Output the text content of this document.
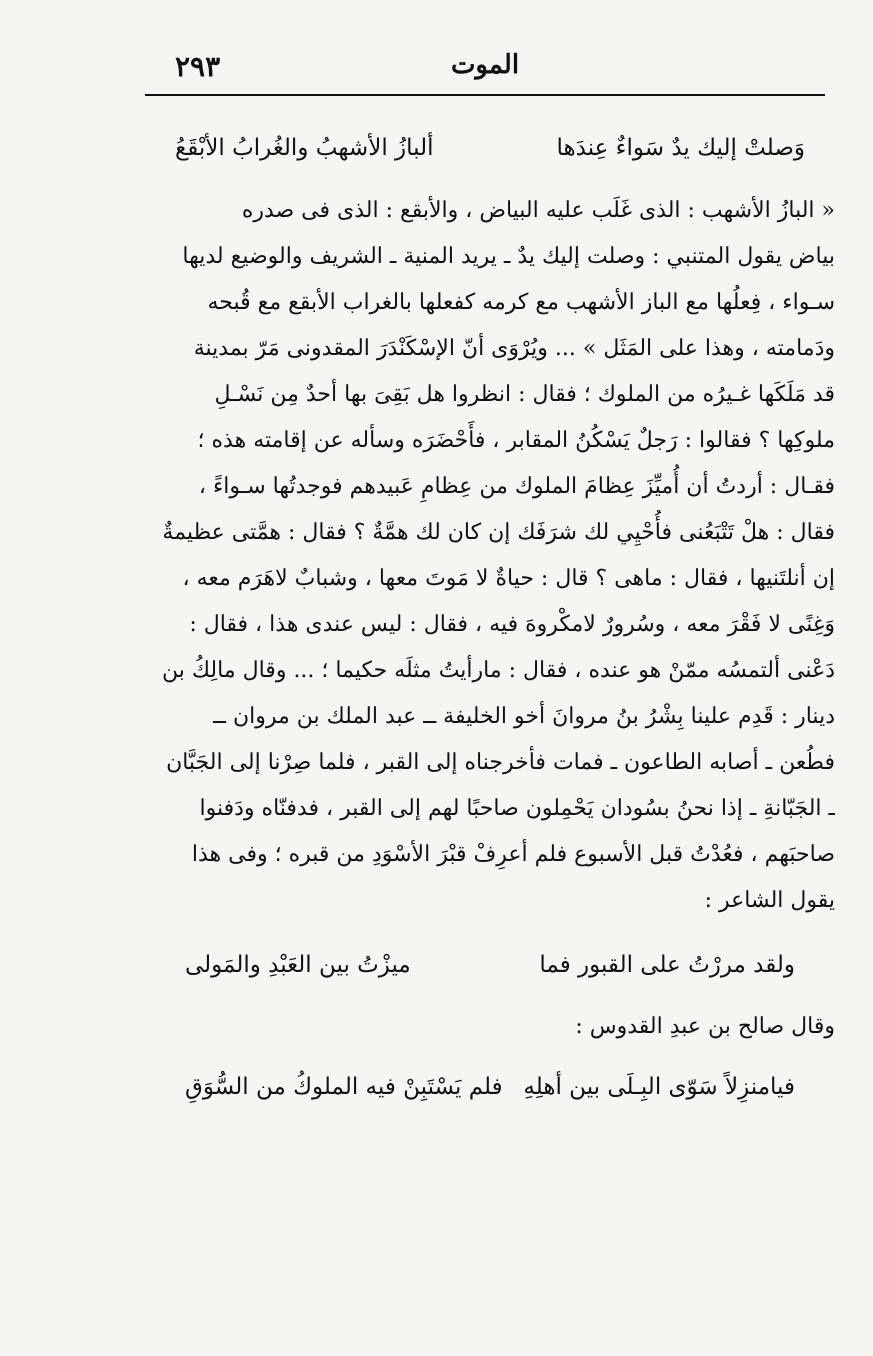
الموت
٢٩٣
وَصلتْ إليك يدٌ سَواءٌ عِندَها
ألبازُ الأشهبُ والغُرابُ الأبْقَعُ
« البازُ الأشهب : الذى غَلَب عليه البياض ، والأبقع : الذى فى صدره
بياض يقول المتنبي : وصلت إليك يدٌ ـ يريد المنية ـ الشريف والوضيع لديها
سـواء ، فِعلُها مع الباز الأشهب مع كرمه كفعلها بالغراب الأبقع مع قُبحه
ودَمامته ، وهذا على المَثَل » ... ويُرْوَى أنّ الإسْكَنْدَرَ المقدونى مَرّ بمدينة
قد مَلَكَها غـيرُه من الملوك ؛ فقال : انظروا هل بَقِىَ بها أحدٌ مِن نَسْـلِ
ملوكِها ؟ فقالوا : رَجلٌ يَسْكُنُ المقابر ، فأَحْضَرَه وسأله عن إقامته هذه ؛
فقـال : أردتُ أن أُميِّزَ عِظامَ الملوك من عِظامِ عَبيدهم فوجدتُها سـواءً ،
فقال : هلْ تَتْبَعُنى فأُحْيِي لك شرَفَك إن كان لك همَّةٌ ؟ فقال : همَّتى عظيمةٌ
إن أنلتَنيها ، فقال : ماهى ؟ قال : حياةٌ لا مَوتَ معها ، وشبابٌ لاهَرَم معه ،
وَغِنًى لا فَقْرَ معه ، وسُرورٌ لامكْروهَ فيه ، فقال : ليس عندى هذا ، فقال :
دَعْنى ألتمسُه ممّنْ هو عنده ، فقال : مارأيتُ مثلَه حكيما ؛ ... وقال مالِكُ بن
دينار : قَدِم علينا بِشْرُ بنُ مروانَ أخو الخليفة ــ عبد الملك بن مروان ــ
فطُعن ـ أصابه الطاعون ـ فمات فأخرجناه إلى القبر ، فلما صِرْنا إلى الجَبَّان
ـ الجَبّانةِ ـ إذا نحنُ بسُودان يَحْمِلون صاحبًا لهم إلى القبر ، فدفنّاه ودَفنوا
صاحبَهم ، فعُدْتُ قبل الأسبوع فلم أعرِفْ قبْرَ الأسْوَدِ من قبره ؛ وفى هذا
يقول الشاعر :
ولقد مررْتُ على القبور فما
ميزْتُ بين العَبْدِ والمَولى
وقال صالح بن عبدِ القدوس :
فيامنزِلاً سَوّى البِـلَى بين أهلِهِ
فلم يَسْتَبِنْ فيه الملوكُ من السُّوَقِ
